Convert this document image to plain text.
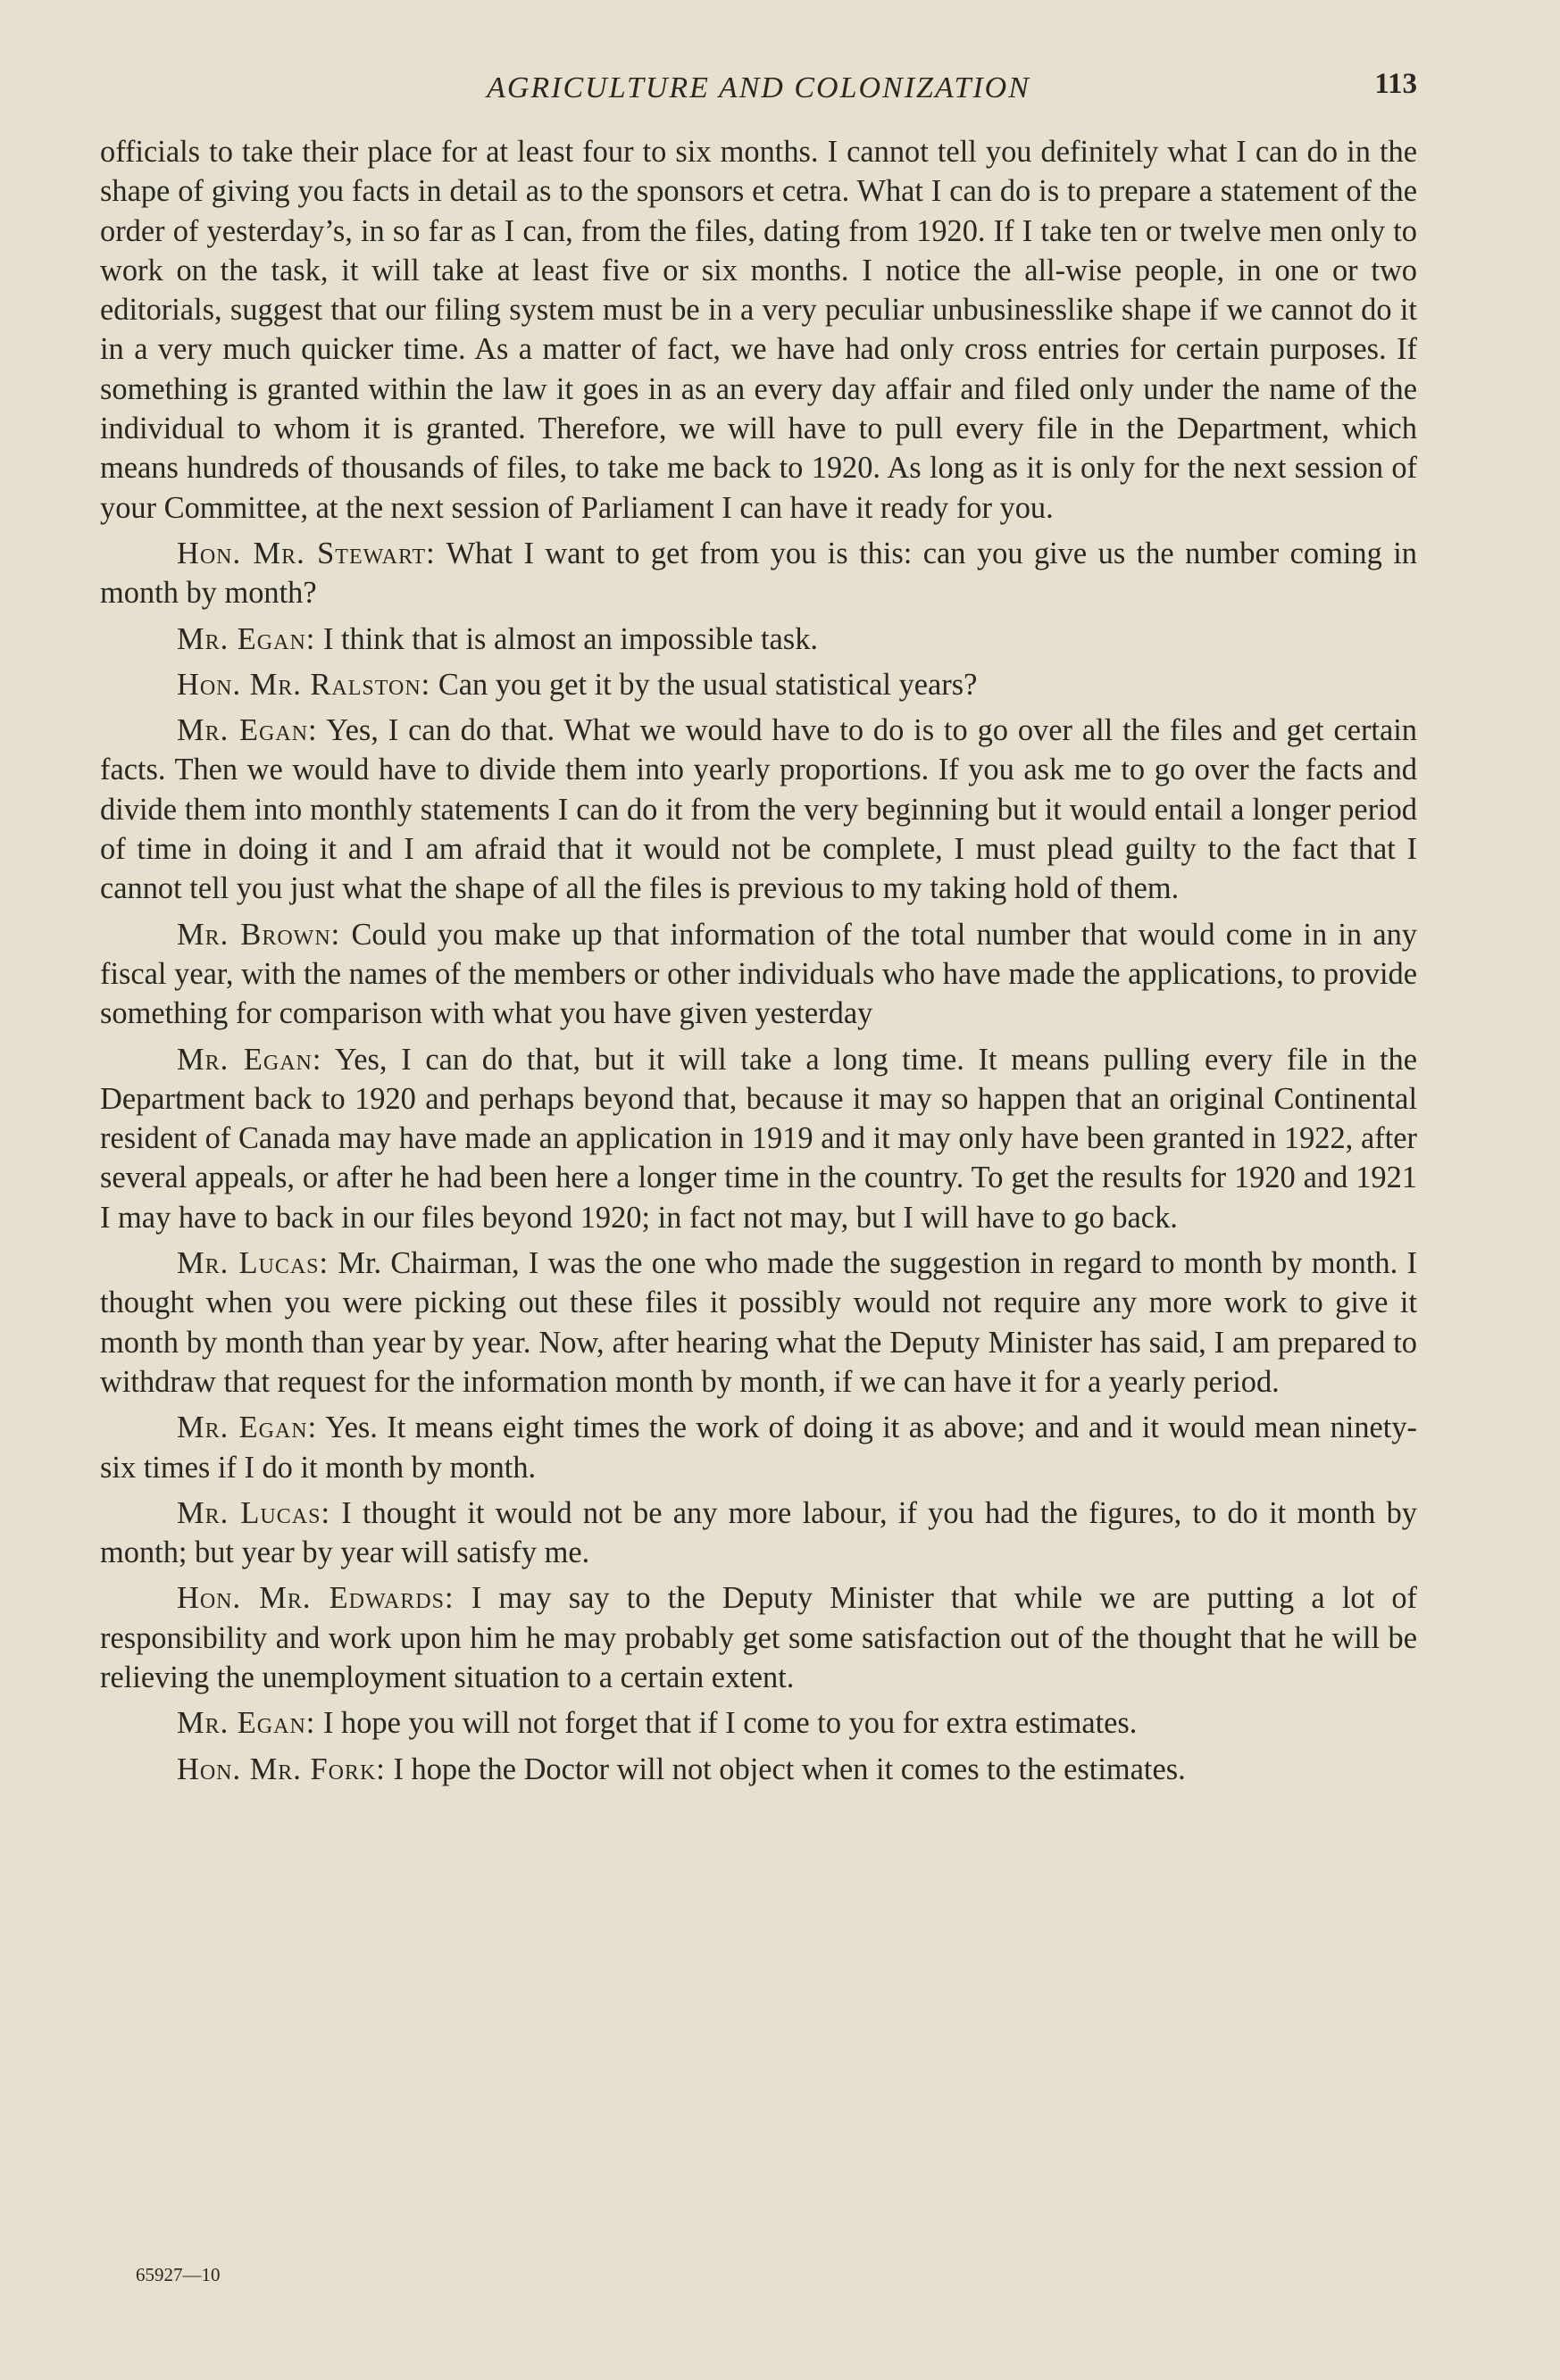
AGRICULTURE AND COLONIZATION	113

officials to take their place for at least four to six months. I cannot tell you definitely what I can do in the shape of giving you facts in detail as to the sponsors et cetra. What I can do is to prepare a statement of the order of yesterday’s, in so far as I can, from the files, dating from 1920. If I take ten or twelve men only to work on the task, it will take at least five or six months. I notice the all-wise people, in one or two editorials, suggest that our filing system must be in a very peculiar unbusinesslike shape if we cannot do it in a very much quicker time. As a matter of fact, we have had only cross entries for certain purposes. If something is granted within the law it goes in as an every day affair and filed only under the name of the individual to whom it is granted. Therefore, we will have to pull every file in the Department, which means hundreds of thousands of files, to take me back to 1920. As long as it is only for the next session of your Committee, at the next session of Parliament I can have it ready for you.

Hon. Mr. Stewart: What I want to get from you is this: can you give us the number coming in month by month?

Mr. Egan: I think that is almost an impossible task.

Hon. Mr. Ralston: Can you get it by the usual statistical years?

Mr. Egan: Yes, I can do that. What we would have to do is to go over all the files and get certain facts. Then we would have to divide them into yearly proportions. If you ask me to go over the facts and divide them into monthly statements I can do it from the very beginning but it would entail a longer period of time in doing it and I am afraid that it would not be complete, I must plead guilty to the fact that I cannot tell you just what the shape of all the files is previous to my taking hold of them.

Mr. Brown: Could you make up that information of the total number that would come in in any fiscal year, with the names of the members or other individuals who have made the applications, to provide something for comparison with what you have given yesterday

Mr. Egan: Yes, I can do that, but it will take a long time. It means pulling every file in the Department back to 1920 and perhaps beyond that, because it may so happen that an original Continental resident of Canada may have made an application in 1919 and it may only have been granted in 1922, after several appeals, or after he had been here a longer time in the country. To get the results for 1920 and 1921 I may have to back in our files beyond 1920; in fact not may, but I will have to go back.

Mr. Lucas: Mr. Chairman, I was the one who made the suggestion in regard to month by month. I thought when you were picking out these files it possibly would not require any more work to give it month by month than year by year. Now, after hearing what the Deputy Minister has said, I am prepared to withdraw that request for the information month by month, if we can have it for a yearly period.

Mr. Egan: Yes. It means eight times the work of doing it as above; and and it would mean ninety-six times if I do it month by month.

Mr. Lucas: I thought it would not be any more labour, if you had the figures, to do it month by month; but year by year will satisfy me.

Hon. Mr. Edwards: I may say to the Deputy Minister that while we are putting a lot of responsibility and work upon him he may probably get some satisfaction out of the thought that he will be relieving the unemployment situation to a certain extent.

Mr. Egan: I hope you will not forget that if I come to you for extra estimates.

Hon. Mr. Fork: I hope the Doctor will not object when it comes to the estimates.

65927—10
